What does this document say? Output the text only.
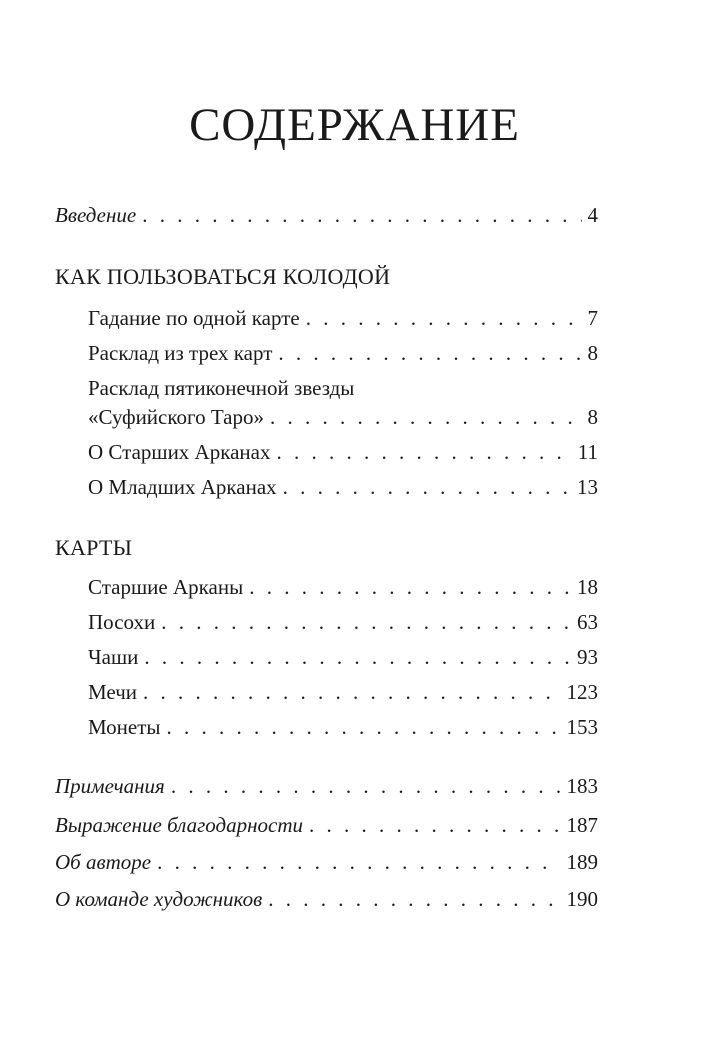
СОДЕРЖАНИЕ
Введение . . .	4
КАК ПОЛЬЗОВАТЬСЯ КОЛОДОЙ
Гадание по одной карте . . .	7
Расклад из трех карт . . .	8
Расклад пятиконечной звезды
«Суфийского Таро» . . .	8
О Старших Арканах . . .	11
О Младших Арканах . . .	13
КАРТЫ
Старшие Арканы . . .	18
Посохи . . .	63
Чаши . . .	93
Мечи . . .	123
Монеты . . .	153
Примечания . . .	183
Выражение благодарности . . .	187
Об авторе . . .	189
О команде художников . . .	190
